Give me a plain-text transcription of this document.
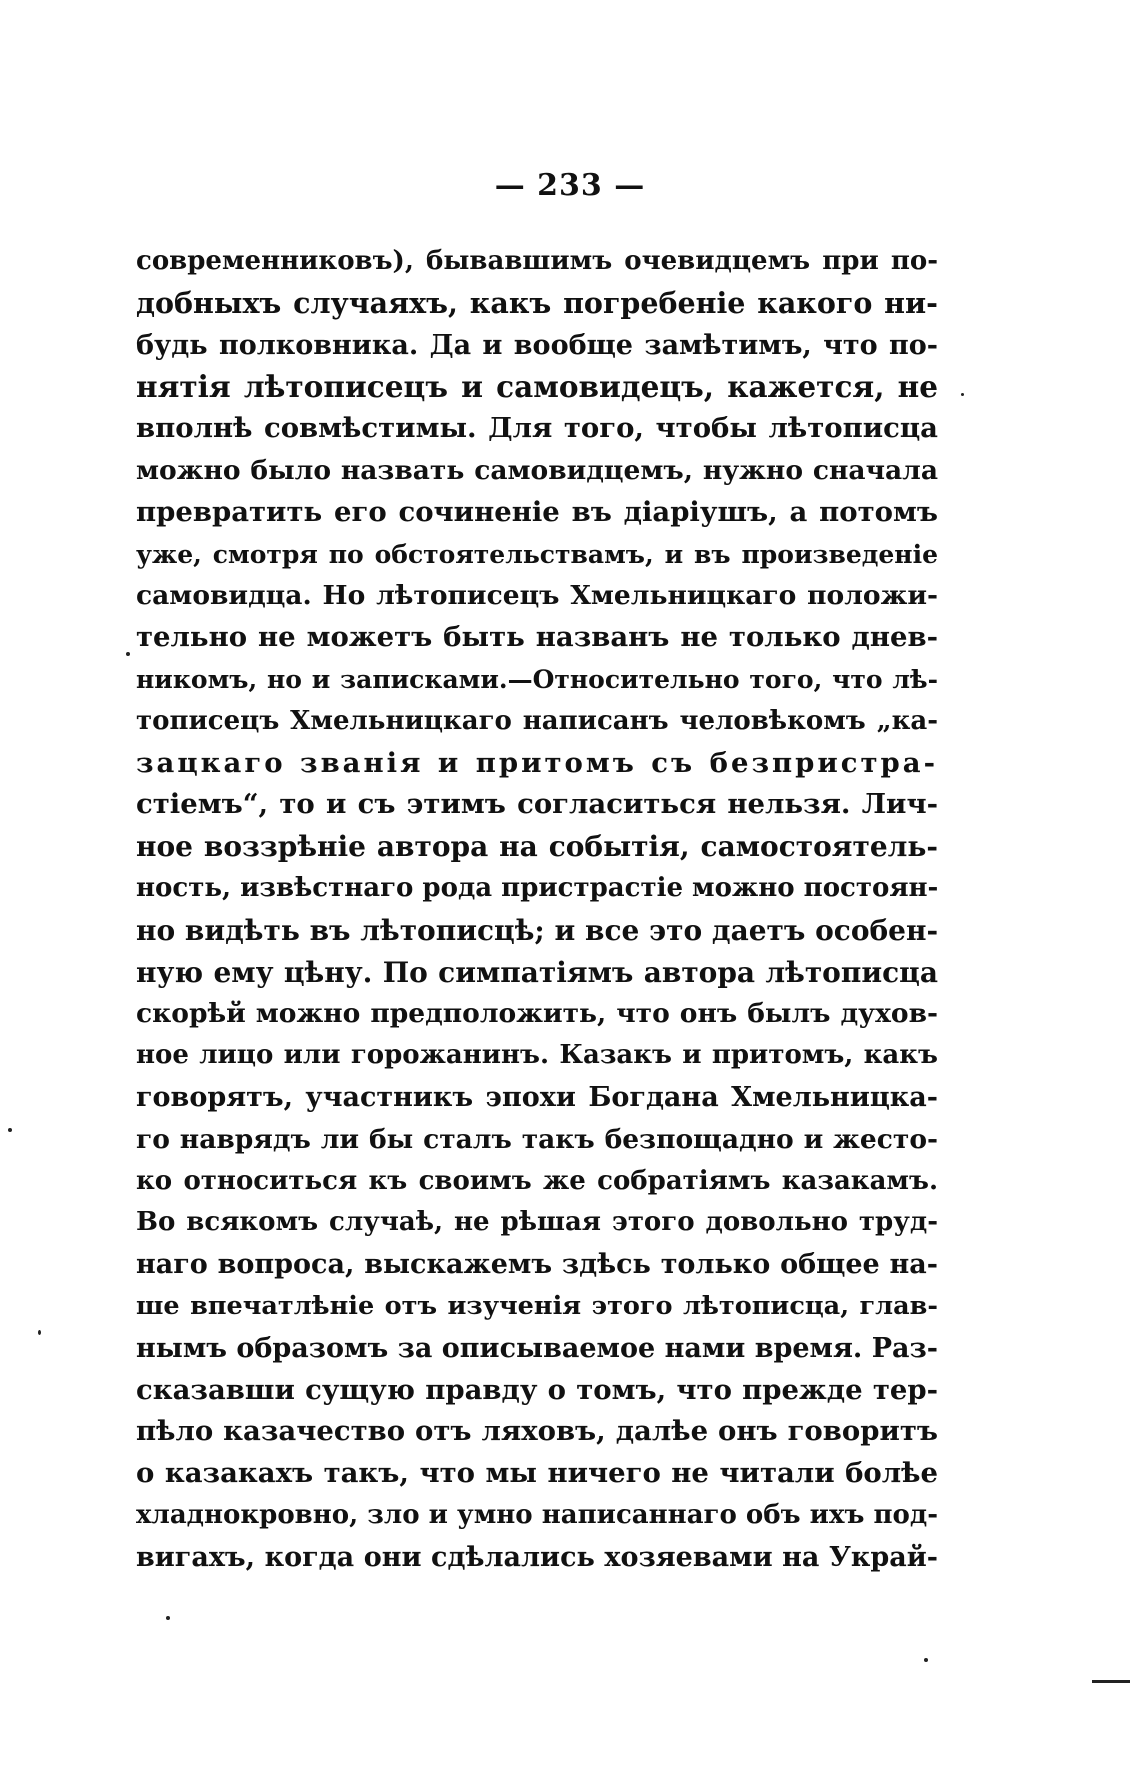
— 233 —
современниковъ), бывавшимъ очевидцемъ при по-
добныхъ случаяхъ, какъ погребеніе какого ни-
будь полковника. Да и вообще замѣтимъ, что по-
нятія лѣтописецъ и самовидецъ, кажется, не
вполнѣ совмѣстимы. Для того, чтобы лѣтописца
можно было назвать самовидцемъ, нужно сначала
превратить его сочиненіе въ діаріушъ, а потомъ
уже, смотря по обстоятельствамъ, и въ произведеніе
самовидца. Но лѣтописецъ Хмельницкаго положи-
тельно не можетъ быть названъ не только днев-
никомъ, но и записками.—Относительно того, что лѣ-
тописецъ Хмельницкаго написанъ человѣкомъ „ка-
зацкаго званія и притомъ съ безпристра-
стіемъ“, то и съ этимъ согласиться нельзя. Лич-
ное воззрѣніе автора на событія, самостоятель-
ность, извѣстнаго рода пристрастіе можно постоян-
но видѣть въ лѣтописцѣ; и все это даетъ особен-
ную ему цѣну. По симпатіямъ автора лѣтописца
скорѣй можно предположить, что онъ былъ духов-
ное лицо или горожанинъ. Казакъ и притомъ, какъ
говорятъ, участникъ эпохи Богдана Хмельницка-
го наврядъ ли бы сталъ такъ безпощадно и жесто-
ко относиться къ своимъ же собратіямъ казакамъ.
Во всякомъ случаѣ, не рѣшая этого довольно труд-
наго вопроса, выскажемъ здѣсь только общее на-
ше впечатлѣніе отъ изученія этого лѣтописца, глав-
нымъ образомъ за описываемое нами время. Раз-
сказавши сущую правду о томъ, что прежде тер-
пѣло казачество отъ ляховъ, далѣе онъ говоритъ
о казакахъ такъ, что мы ничего не читали болѣе
хладнокровно, зло и умно написаннаго объ ихъ под-
вигахъ, когда они сдѣлались хозяевами на Украй-
